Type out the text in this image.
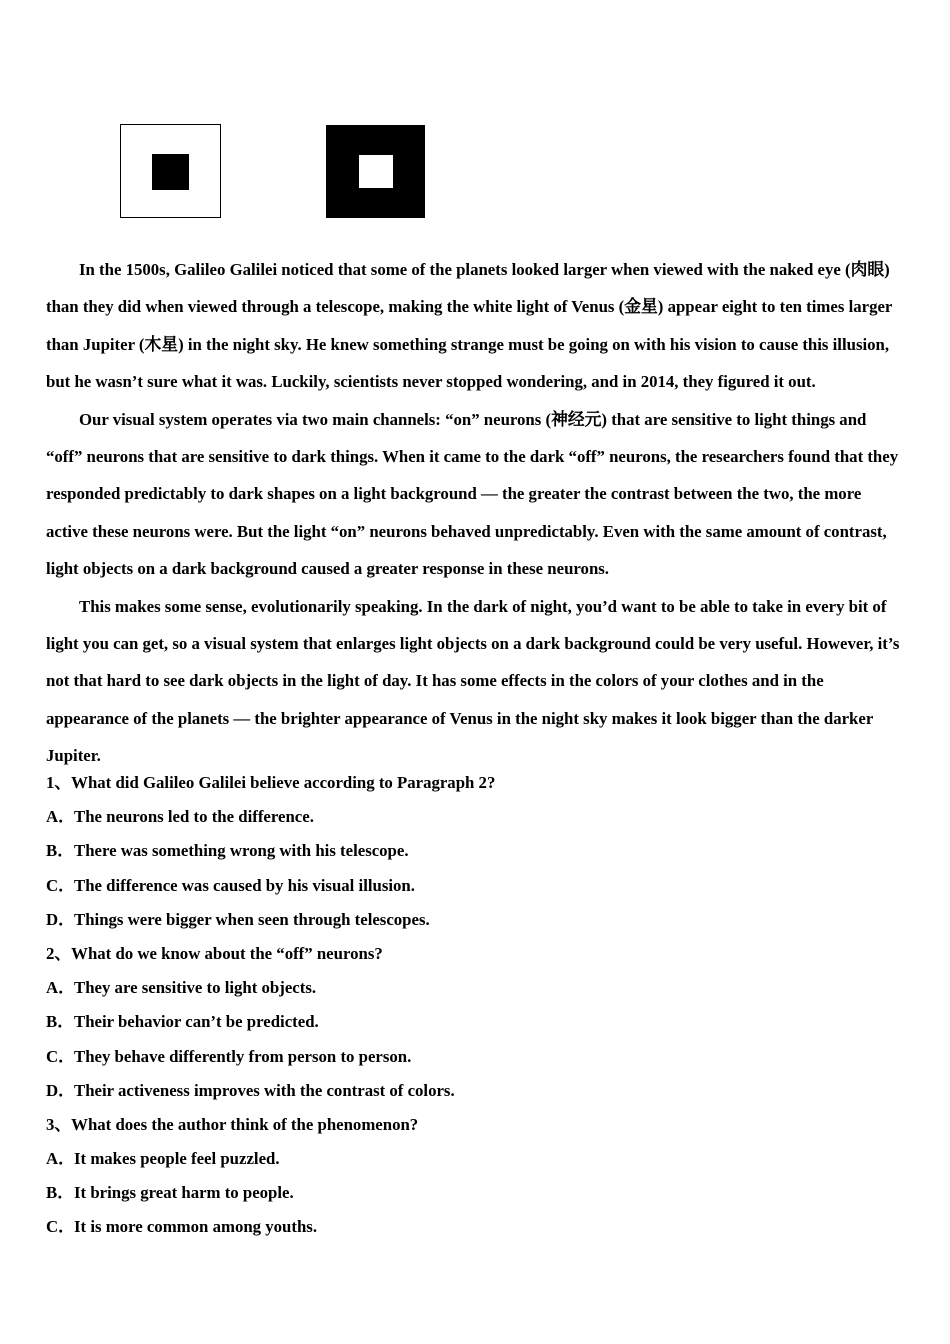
In the 1500s, Galileo Galilei noticed that some of the planets looked larger when viewed with the naked eye (肉眼) than they did when viewed through a telescope, making the white light of Venus (金星) appear eight to ten times larger than Jupiter (木星) in the night sky. He knew something strange must be going on with his vision to cause this illusion, but he wasn’t sure what it was. Luckily, scientists never stopped wondering, and in 2014, they figured it out.

Our visual system operates via two main channels: “on” neurons (神经元) that are sensitive to light things and “off” neurons that are sensitive to dark things. When it came to the dark “off” neurons, the researchers found that they responded predictably to dark shapes on a light background — the greater the contrast between the two, the more active these neurons were. But the light “on” neurons behaved unpredictably. Even with the same amount of contrast, light objects on a dark background caused a greater response in these neurons.

This makes some sense, evolutionarily speaking. In the dark of night, you’d want to be able to take in every bit of light you can get, so a visual system that enlarges light objects on a dark background could be very useful. However, it’s not that hard to see dark objects in the light of day. It has some effects in the colors of your clothes and in the appearance of the planets — the brighter appearance of Venus in the night sky makes it look bigger than the darker Jupiter.

1、What did Galileo Galilei believe according to Paragraph 2?
A．The neurons led to the difference.
B．There was something wrong with his telescope.
C．The difference was caused by his visual illusion.
D．Things were bigger when seen through telescopes.
2、What do we know about the “off” neurons?
A．They are sensitive to light objects.
B．Their behavior can’t be predicted.
C．They behave differently from person to person.
D．Their activeness improves with the contrast of colors.
3、What does the author think of the phenomenon?
A．It makes people feel puzzled.
B．It brings great harm to people.
C．It is more common among youths.
